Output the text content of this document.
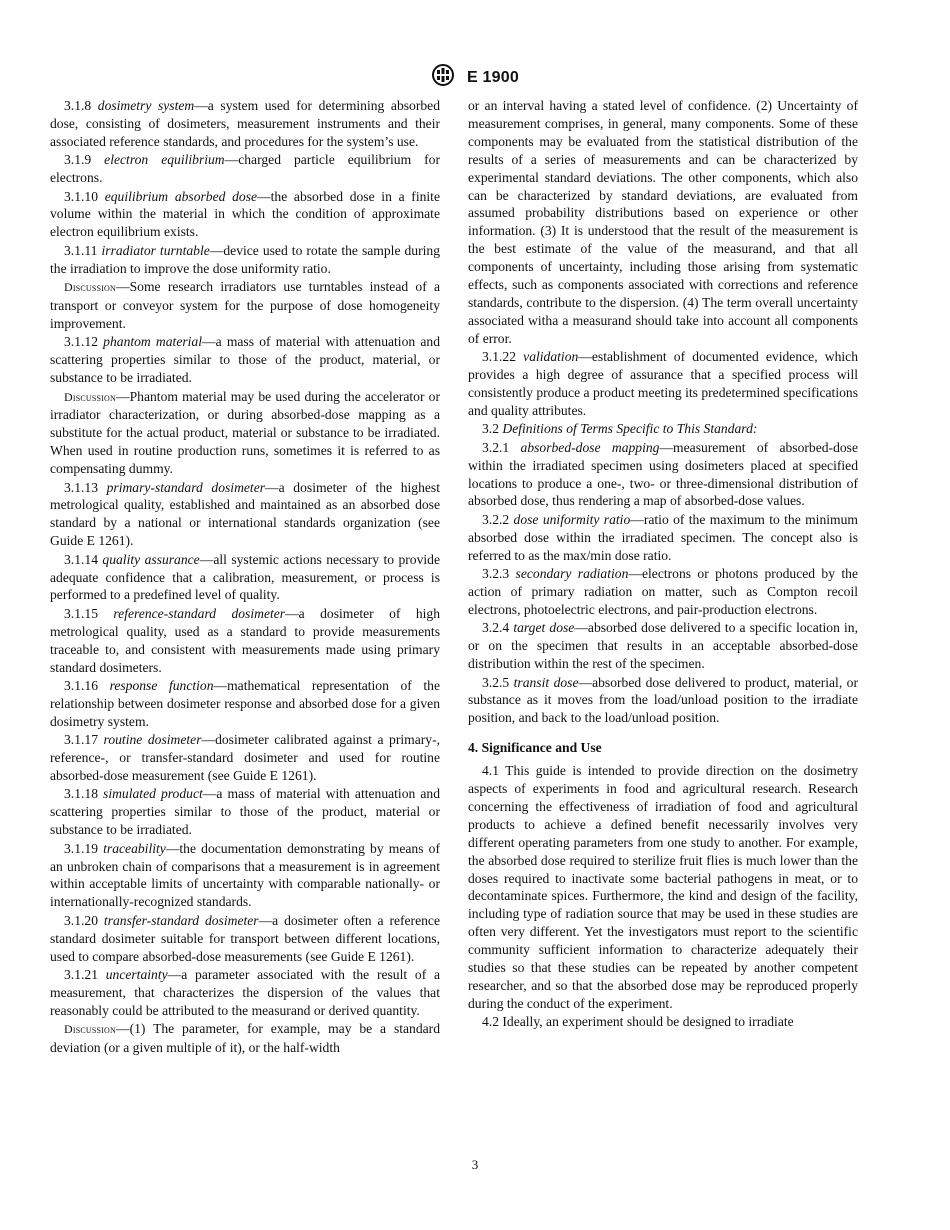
E 1900

3.1.8 dosimetry system—a system used for determining absorbed dose, consisting of dosimeters, measurement instruments and their associated reference standards, and procedures for the system’s use.

3.1.9 electron equilibrium—charged particle equilibrium for electrons.

3.1.10 equilibrium absorbed dose—the absorbed dose in a finite volume within the material in which the condition of approximate electron equilibrium exists.

3.1.11 irradiator turntable—device used to rotate the sample during the irradiation to improve the dose uniformity ratio.

Discussion—Some research irradiators use turntables instead of a transport or conveyor system for the purpose of dose homogeneity improvement.

3.1.12 phantom material—a mass of material with attenuation and scattering properties similar to those of the product, material, or substance to be irradiated.

Discussion—Phantom material may be used during the accelerator or irradiator characterization, or during absorbed-dose mapping as a substitute for the actual product, material or substance to be irradiated. When used in routine production runs, sometimes it is referred to as compensating dummy.

3.1.13 primary-standard dosimeter—a dosimeter of the highest metrological quality, established and maintained as an absorbed dose standard by a national or international standards organization (see Guide E 1261).

3.1.14 quality assurance—all systemic actions necessary to provide adequate confidence that a calibration, measurement, or process is performed to a predefined level of quality.

3.1.15 reference-standard dosimeter—a dosimeter of high metrological quality, used as a standard to provide measurements traceable to, and consistent with measurements made using primary standard dosimeters.

3.1.16 response function—mathematical representation of the relationship between dosimeter response and absorbed dose for a given dosimetry system.

3.1.17 routine dosimeter—dosimeter calibrated against a primary-, reference-, or transfer-standard dosimeter and used for routine absorbed-dose measurement (see Guide E 1261).

3.1.18 simulated product—a mass of material with attenuation and scattering properties similar to those of the product, material or substance to be irradiated.

3.1.19 traceability—the documentation demonstrating by means of an unbroken chain of comparisons that a measurement is in agreement within acceptable limits of uncertainty with comparable nationally- or internationally-recognized standards.

3.1.20 transfer-standard dosimeter—a dosimeter often a reference standard dosimeter suitable for transport between different locations, used to compare absorbed-dose measurements (see Guide E 1261).

3.1.21 uncertainty—a parameter associated with the result of a measurement, that characterizes the dispersion of the values that reasonably could be attributed to the measurand or derived quantity.

Discussion—(1) The parameter, for example, may be a standard deviation (or a given multiple of it), or the half-width

or an interval having a stated level of confidence. (2) Uncertainty of measurement comprises, in general, many components. Some of these components may be evaluated from the statistical distribution of the results of a series of measurements and can be characterized by experimental standard deviations. The other components, which also can be characterized by standard deviations, are evaluated from assumed probability distributions based on experience or other information. (3) It is understood that the result of the measurement is the best estimate of the value of the measurand, and that all components of uncertainty, including those arising from systematic effects, such as components associated with corrections and reference standards, contribute to the dispersion. (4) The term overall uncertainty associated witha a measurand should take into account all components of error.

3.1.22 validation—establishment of documented evidence, which provides a high degree of assurance that a specified process will consistently produce a product meeting its predetermined specifications and quality attributes.

3.2 Definitions of Terms Specific to This Standard:

3.2.1 absorbed-dose mapping—measurement of absorbed-dose within the irradiated specimen using dosimeters placed at specified locations to produce a one-, two- or three-dimensional distribution of absorbed dose, thus rendering a map of absorbed-dose values.

3.2.2 dose uniformity ratio—ratio of the maximum to the minimum absorbed dose within the irradiated specimen. The concept also is referred to as the max/min dose ratio.

3.2.3 secondary radiation—electrons or photons produced by the action of primary radiation on matter, such as Compton recoil electrons, photoelectric electrons, and pair-production electrons.

3.2.4 target dose—absorbed dose delivered to a specific location in, or on the specimen that results in an acceptable absorbed-dose distribution within the rest of the specimen.

3.2.5 transit dose—absorbed dose delivered to product, material, or substance as it moves from the load/unload position to the irradiate position, and back to the load/unload position.

4. Significance and Use

4.1 This guide is intended to provide direction on the dosimetry aspects of experiments in food and agricultural research. Research concerning the effectiveness of irradiation of food and agricultural products to achieve a defined benefit necessarily involves very different operating parameters from one study to another. For example, the absorbed dose required to sterilize fruit flies is much lower than the doses required to inactivate some bacterial pathogens in meat, or to decontaminate spices. Furthermore, the kind and design of the facility, including type of radiation source that may be used in these studies are often very different. Yet the investigators must report to the scientific community sufficient information to characterize adequately their studies so that these studies can be repeated by another competent researcher, and so that the absorbed dose may be reproduced properly during the conduct of the experiment.

4.2 Ideally, an experiment should be designed to irradiate

3
